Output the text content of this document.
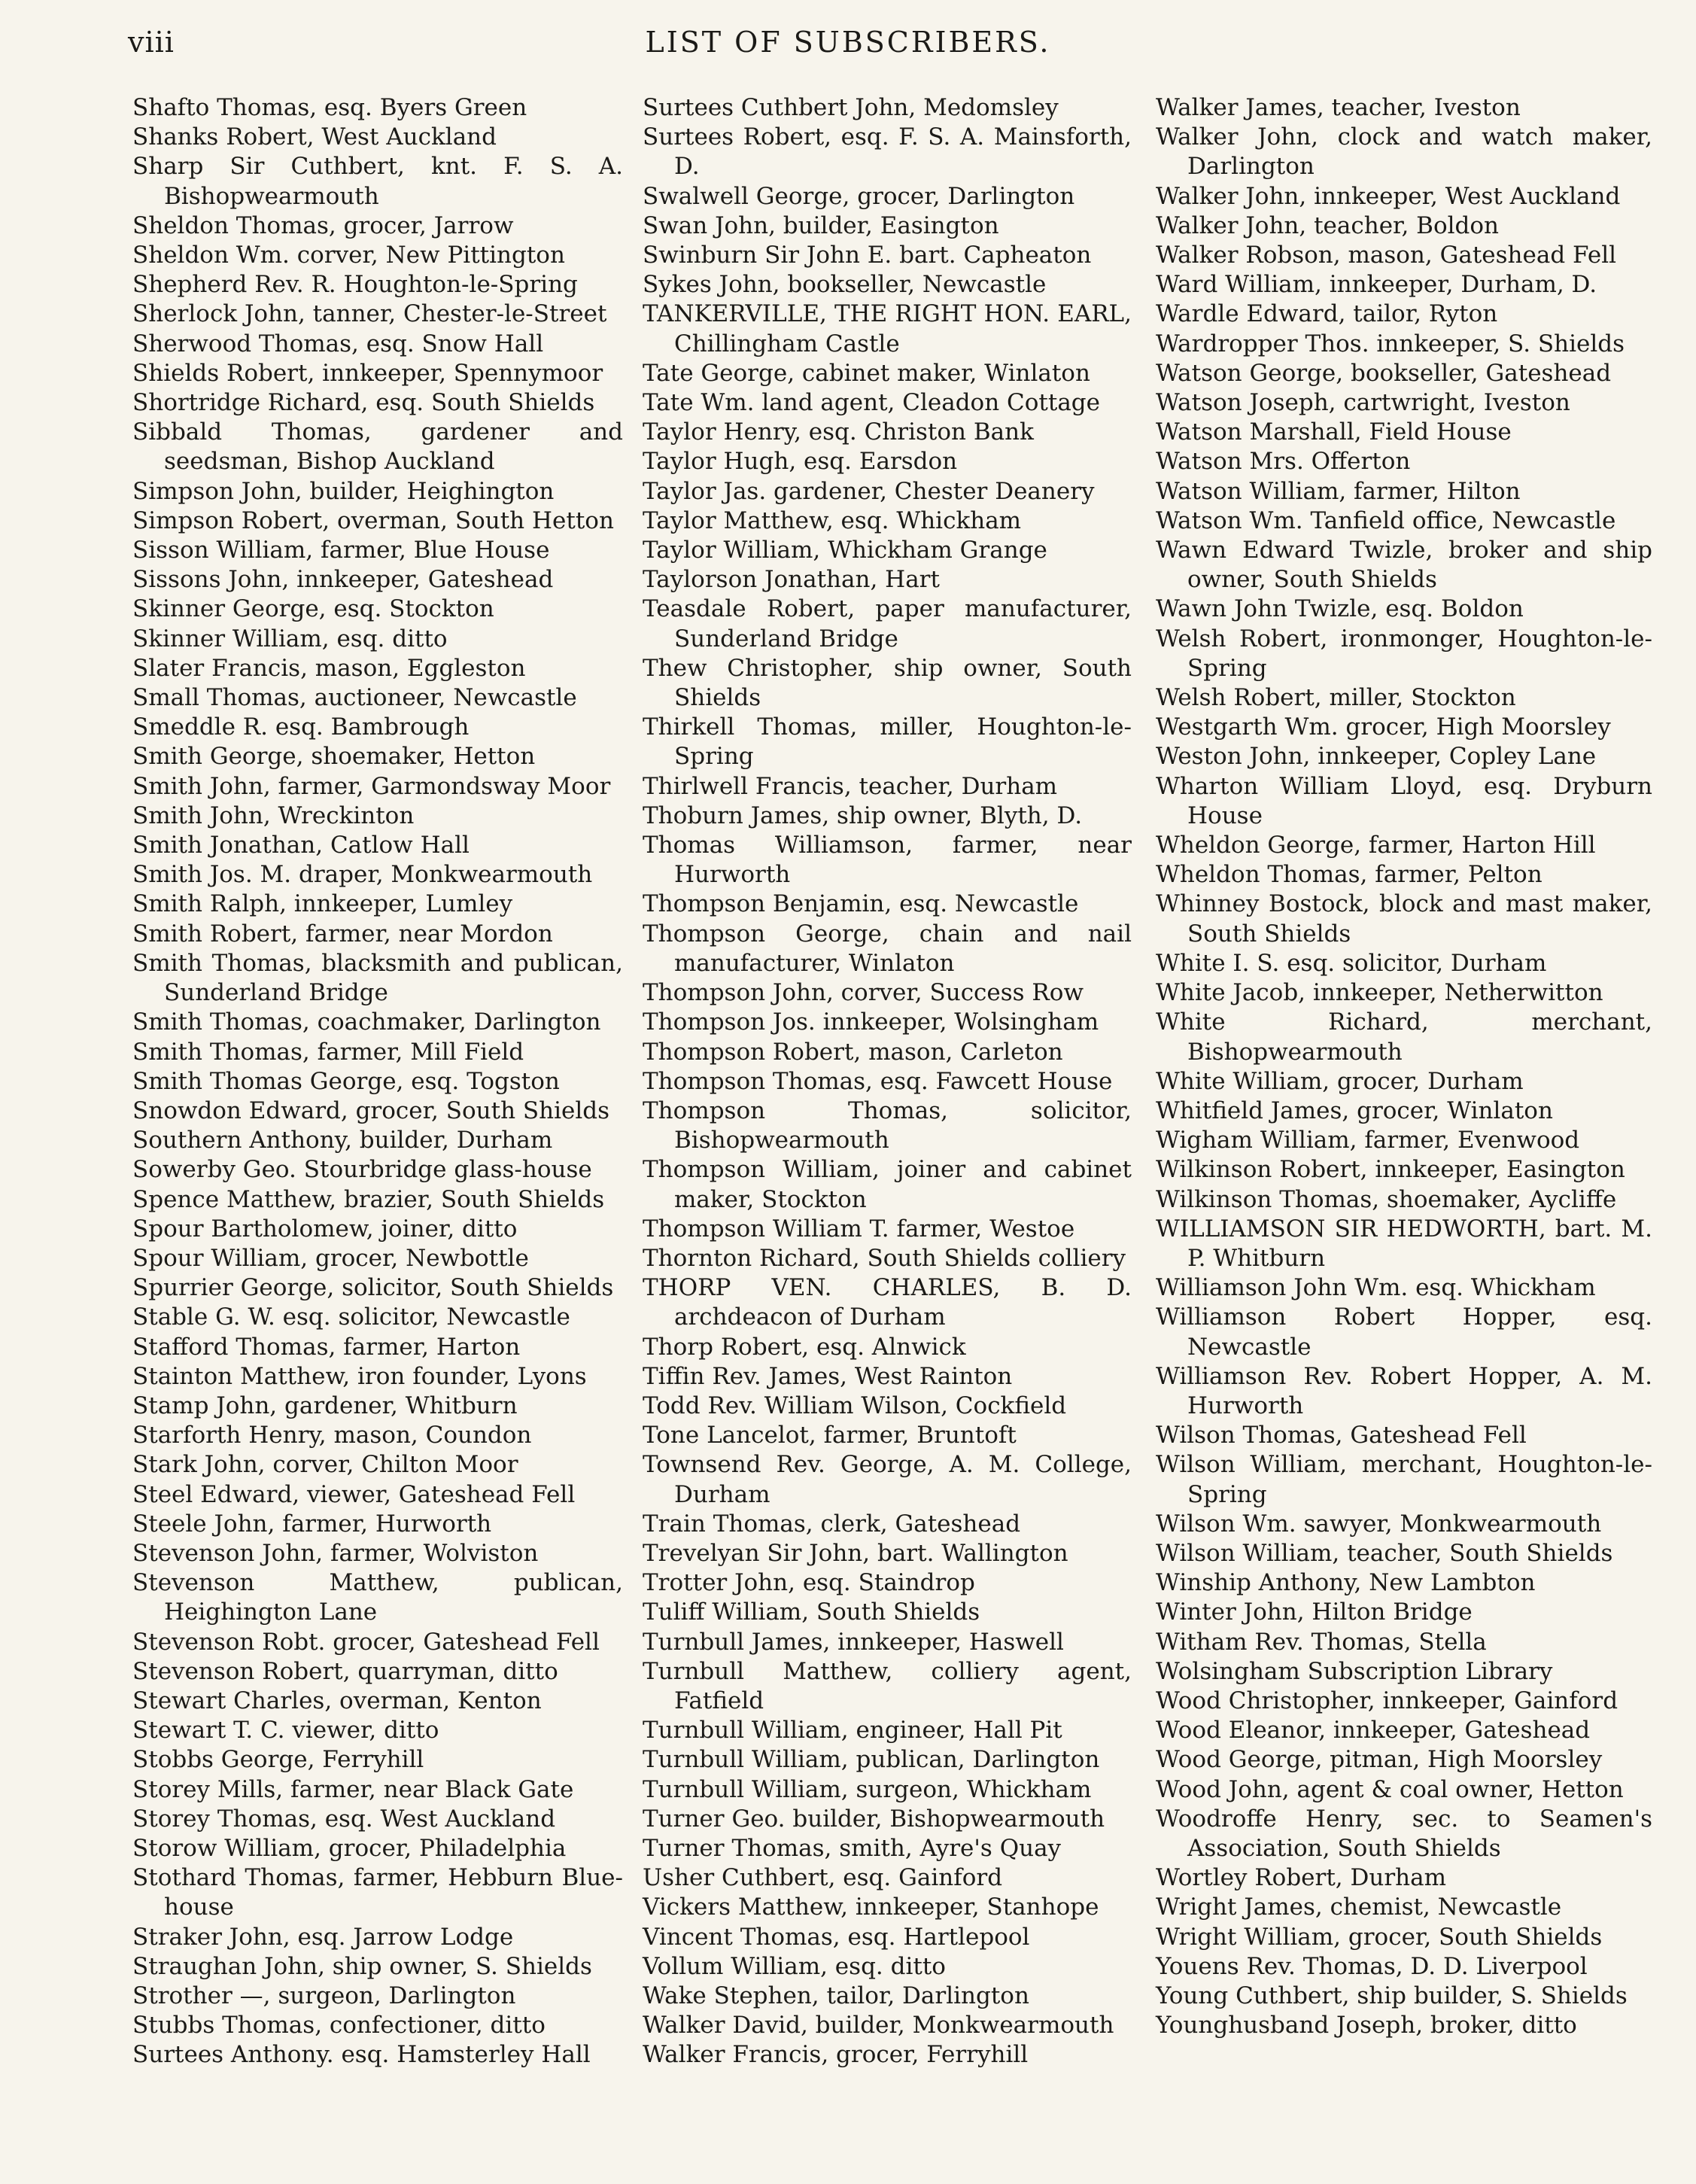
viii	LIST OF SUBSCRIBERS.
Shafto Thomas, esq. Byers Green
Shanks Robert, West Auckland
Sharp Sir Cuthbert, knt. F. S. A. Bishopwearmouth
Sheldon Thomas, grocer, Jarrow
Sheldon Wm. corver, New Pittington
Shepherd Rev. R. Houghton-le-Spring
Sherlock John, tanner, Chester-le-Street
Sherwood Thomas, esq. Snow Hall
Shields Robert, innkeeper, Spennymoor
Shortridge Richard, esq. South Shields
Sibbald Thomas, gardener and seedsman, Bishop Auckland
Simpson John, builder, Heighington
Simpson Robert, overman, South Hetton
Sisson William, farmer, Blue House
Sissons John, innkeeper, Gateshead
Skinner George, esq. Stockton
Skinner William, esq. ditto
Slater Francis, mason, Eggleston
Small Thomas, auctioneer, Newcastle
Smeddle R. esq. Bambrough
Smith George, shoemaker, Hetton
Smith John, farmer, Garmondsway Moor
Smith John, Wreckinton
Smith Jonathan, Catlow Hall
Smith Jos. M. draper, Monkwearmouth
Smith Ralph, innkeeper, Lumley
Smith Robert, farmer, near Mordon
Smith Thomas, blacksmith and publican, Sunderland Bridge
Smith Thomas, coachmaker, Darlington
Smith Thomas, farmer, Mill Field
Smith Thomas George, esq. Togston
Snowdon Edward, grocer, South Shields
Southern Anthony, builder, Durham
Sowerby Geo. Stourbridge glass-house
Spence Matthew, brazier, South Shields
Spour Bartholomew, joiner, ditto
Spour William, grocer, Newbottle
Spurrier George, solicitor, South Shields
Stable G. W. esq. solicitor, Newcastle
Stafford Thomas, farmer, Harton
Stainton Matthew, iron founder, Lyons
Stamp John, gardener, Whitburn
Starforth Henry, mason, Coundon
Stark John, corver, Chilton Moor
Steel Edward, viewer, Gateshead Fell
Steele John, farmer, Hurworth
Stevenson John, farmer, Wolviston
Stevenson Matthew, publican, Heighington Lane
Stevenson Robt. grocer, Gateshead Fell
Stevenson Robert, quarryman, ditto
Stewart Charles, overman, Kenton
Stewart T. C. viewer, ditto
Stobbs George, Ferryhill
Storey Mills, farmer, near Black Gate
Storey Thomas, esq. West Auckland
Storow William, grocer, Philadelphia
Stothard Thomas, farmer, Hebburn Blue-house
Straker John, esq. Jarrow Lodge
Straughan John, ship owner, S. Shields
Strother —, surgeon, Darlington
Stubbs Thomas, confectioner, ditto
Surtees Anthony. esq. Hamsterley Hall
Surtees Cuthbert John, Medomsley
Surtees Robert, esq. F. S. A. Mainsforth, D.
Swalwell George, grocer, Darlington
Swan John, builder, Easington
Swinburn Sir John E. bart. Capheaton
Sykes John, bookseller, Newcastle
TANKERVILLE, THE RIGHT HON. EARL, Chillingham Castle
Tate George, cabinet maker, Winlaton
Tate Wm. land agent, Cleadon Cottage
Taylor Henry, esq. Christon Bank
Taylor Hugh, esq. Earsdon
Taylor Jas. gardener, Chester Deanery
Taylor Matthew, esq. Whickham
Taylor William, Whickham Grange
Taylorson Jonathan, Hart
Teasdale Robert, paper manufacturer, Sunderland Bridge
Thew Christopher, ship owner, South Shields
Thirkell Thomas, miller, Houghton-le-Spring
Thirlwell Francis, teacher, Durham
Thoburn James, ship owner, Blyth, D.
Thomas Williamson, farmer, near Hurworth
Thompson Benjamin, esq. Newcastle
Thompson George, chain and nail manufacturer, Winlaton
Thompson John, corver, Success Row
Thompson Jos. innkeeper, Wolsingham
Thompson Robert, mason, Carleton
Thompson Thomas, esq. Fawcett House
Thompson Thomas, solicitor, Bishopwearmouth
Thompson William, joiner and cabinet maker, Stockton
Thompson William T. farmer, Westoe
Thornton Richard, South Shields colliery
THORP VEN. CHARLES, B. D. archdeacon of Durham
Thorp Robert, esq. Alnwick
Tiffin Rev. James, West Rainton
Todd Rev. William Wilson, Cockfield
Tone Lancelot, farmer, Bruntoft
Townsend Rev. George, A. M. College, Durham
Train Thomas, clerk, Gateshead
Trevelyan Sir John, bart. Wallington
Trotter John, esq. Staindrop
Tuliff William, South Shields
Turnbull James, innkeeper, Haswell
Turnbull Matthew, colliery agent, Fatfield
Turnbull William, engineer, Hall Pit
Turnbull William, publican, Darlington
Turnbull William, surgeon, Whickham
Turner Geo. builder, Bishopwearmouth
Turner Thomas, smith, Ayre's Quay
Usher Cuthbert, esq. Gainford
Vickers Matthew, innkeeper, Stanhope
Vincent Thomas, esq. Hartlepool
Vollum William, esq. ditto
Wake Stephen, tailor, Darlington
Walker David, builder, Monkwearmouth
Walker Francis, grocer, Ferryhill
Walker James, teacher, Iveston
Walker John, clock and watch maker, Darlington
Walker John, innkeeper, West Auckland
Walker John, teacher, Boldon
Walker Robson, mason, Gateshead Fell
Ward William, innkeeper, Durham, D.
Wardle Edward, tailor, Ryton
Wardropper Thos. innkeeper, S. Shields
Watson George, bookseller, Gateshead
Watson Joseph, cartwright, Iveston
Watson Marshall, Field House
Watson Mrs. Offerton
Watson William, farmer, Hilton
Watson Wm. Tanfield office, Newcastle
Wawn Edward Twizle, broker and ship owner, South Shields
Wawn John Twizle, esq. Boldon
Welsh Robert, ironmonger, Houghton-le-Spring
Welsh Robert, miller, Stockton
Westgarth Wm. grocer, High Moorsley
Weston John, innkeeper, Copley Lane
Wharton William Lloyd, esq. Dryburn House
Wheldon George, farmer, Harton Hill
Wheldon Thomas, farmer, Pelton
Whinney Bostock, block and mast maker, South Shields
White I. S. esq. solicitor, Durham
White Jacob, innkeeper, Netherwitton
White Richard, merchant, Bishopwearmouth
White William, grocer, Durham
Whitfield James, grocer, Winlaton
Wigham William, farmer, Evenwood
Wilkinson Robert, innkeeper, Easington
Wilkinson Thomas, shoemaker, Aycliffe
WILLIAMSON SIR HEDWORTH, bart. M. P. Whitburn
Williamson John Wm. esq. Whickham
Williamson Robert Hopper, esq. Newcastle
Williamson Rev. Robert Hopper, A. M. Hurworth
Wilson Thomas, Gateshead Fell
Wilson William, merchant, Houghton-le-Spring
Wilson Wm. sawyer, Monkwearmouth
Wilson William, teacher, South Shields
Winship Anthony, New Lambton
Winter John, Hilton Bridge
Witham Rev. Thomas, Stella
Wolsingham Subscription Library
Wood Christopher, innkeeper, Gainford
Wood Eleanor, innkeeper, Gateshead
Wood George, pitman, High Moorsley
Wood John, agent & coal owner, Hetton
Woodroffe Henry, sec. to Seamen's Association, South Shields
Wortley Robert, Durham
Wright James, chemist, Newcastle
Wright William, grocer, South Shields
Youens Rev. Thomas, D. D. Liverpool
Young Cuthbert, ship builder, S. Shields
Younghusband Joseph, broker, ditto
